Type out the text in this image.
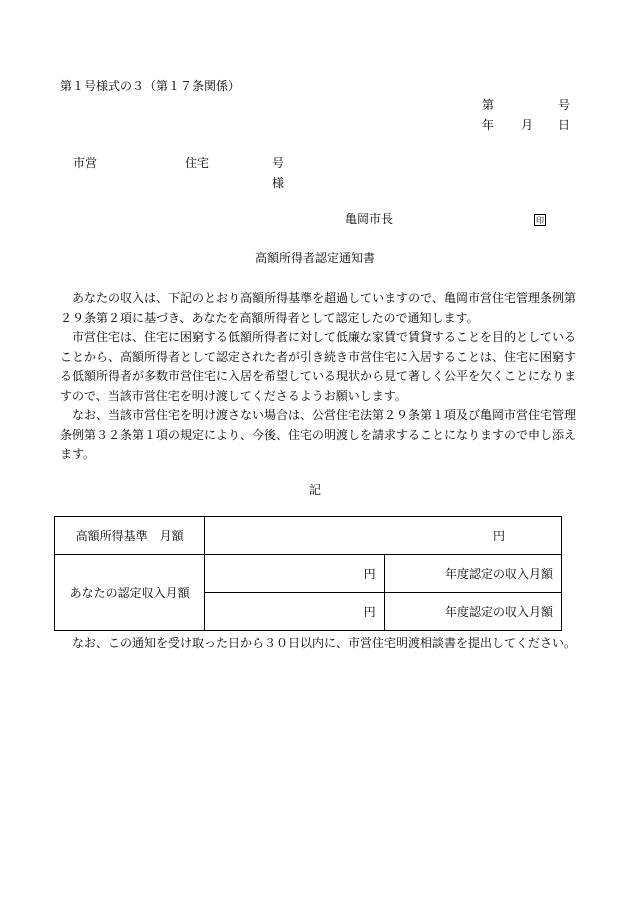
第１号様式の３（第１７条関係）
第	号
年 月 日
市営	住宅	号
様
亀岡市長	印
高額所得者認定通知書

あなたの収入は、下記のとおり高額所得基準を超過していますので、亀岡市営住宅管理条例第２９条第２項に基づき、あなたを高額所得者として認定したので通知します。

市営住宅は、住宅に困窮する低額所得者に対して低廉な家賃で賃貸することを目的としていることから、高額所得者として認定された者が引き続き市営住宅に入居することは、住宅に困窮する低額所得者が多数市営住宅に入居を希望している現状から見て著しく公平を欠くことになりますので、当該市営住宅を明け渡してくださるようお願いします。

なお、当該市営住宅を明け渡さない場合は、公営住宅法第２９条第１項及び亀岡市営住宅管理条例第３２条第１項の規定により、今後、住宅の明渡しを請求することになりますので申し添えます。

記
高額所得基準　月額	円	
あなたの認定収入月額	円	年度認定の収入月額
	円	年度認定の収入月額

なお、この通知を受け取った日から３０日以内に、市営住宅明渡相談書を提出してください。
